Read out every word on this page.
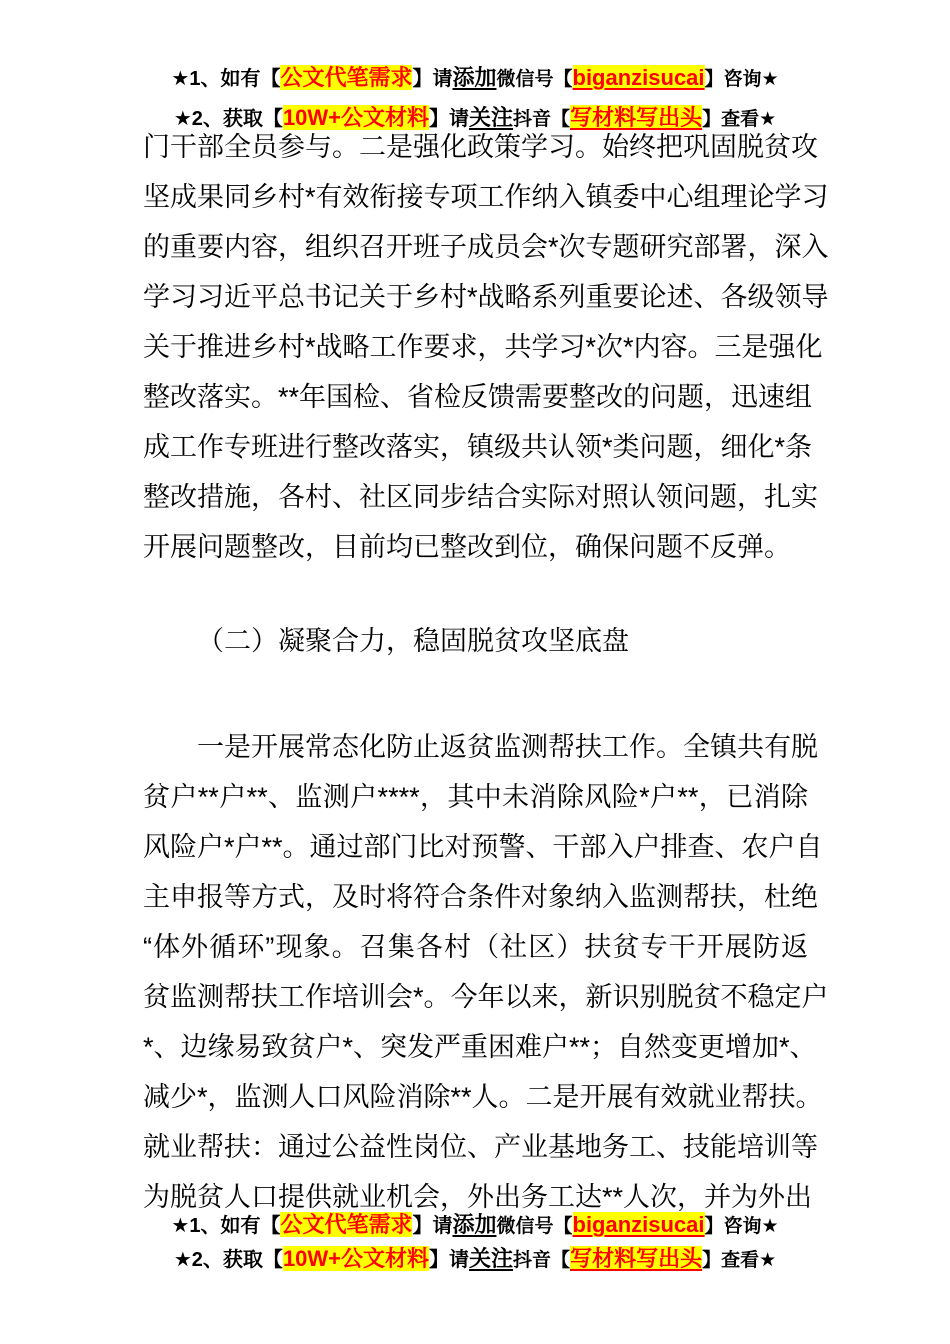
★1、如有【公文代笔需求】请添加微信号【biganzisucai】咨询★
★2、获取【10W+公文材料】请关注抖音【写材料写出头】查看★
门干部全员参与。二是强化政策学习。始终把巩固脱贫攻
坚成果同乡村*有效衔接专项工作纳入镇委中心组理论学习
的重要内容，组织召开班子成员会*次专题研究部署，深入
学习习近平总书记关于乡村*战略系列重要论述、各级领导
关于推进乡村*战略工作要求，共学习*次*内容。三是强化
整改落实。**年国检、省检反馈需要整改的问题，迅速组
成工作专班进行整改落实，镇级共认领*类问题，细化*条
整改措施，各村、社区同步结合实际对照认领问题，扎实
开展问题整改，目前均已整改到位，确保问题不反弹。
（二）凝聚合力，稳固脱贫攻坚底盘
一是开展常态化防止返贫监测帮扶工作。全镇共有脱
贫户**户**、监测户****，其中未消除风险*户**，已消除
风险户*户**。通过部门比对预警、干部入户排查、农户自
主申报等方式，及时将符合条件对象纳入监测帮扶，杜绝
“体外循环”现象。召集各村（社区）扶贫专干开展防返
贫监测帮扶工作培训会*。今年以来，新识别脱贫不稳定户
*、边缘易致贫户*、突发严重困难户**；自然变更增加*、
减少*，监测人口风险消除**人。二是开展有效就业帮扶。
就业帮扶：通过公益性岗位、产业基地务工、技能培训等
为脱贫人口提供就业机会，外出务工达**人次，并为外出
★1、如有【公文代笔需求】请添加微信号【biganzisucai】咨询★
★2、获取【10W+公文材料】请关注抖音【写材料写出头】查看★
